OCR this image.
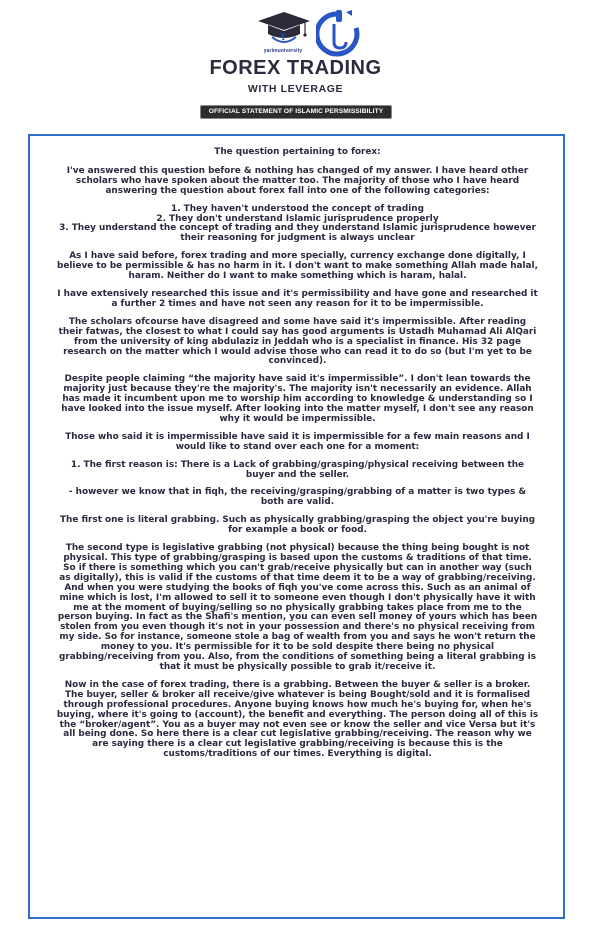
Y
yarimuniversity
FOREX TRADING
WITH LEVERAGE
OFFICIAL STATEMENT OF ISLAMIC PERSMISSIBILITY

The question pertaining to forex:

I've answered this question before & nothing has changed of my answer. I have heard other scholars who have spoken about the matter too. The majority of those who I have heard answering the question about forex fall into one of the following categories:

1. They haven't understood the concept of trading
2. They don't understand Islamic jurisprudence properly
3. They understand the concept of trading and they understand Islamic jurisprudence however their reasoning for judgment is always unclear

As I have said before, forex trading and more specially, currency exchange done digitally, I believe to be permissible & has no harm in it. I don't want to make something Allah made halal, haram. Neither do I want to make something which is haram, halal.

I have extensively researched this issue and it's permissibility and have gone and researched it a further 2 times and have not seen any reason for it to be impermissible.

The scholars ofcourse have disagreed and some have said it's impermissible. After reading their fatwas, the closest to what I could say has good arguments is Ustadh Muhamad Ali AlQari from the university of king abdulaziz in Jeddah who is a specialist in finance. His 32 page research on the matter which I would advise those who can read it to do so (but I'm yet to be convinced).

Despite people claiming “the majority have said it's impermissible”. I don't lean towards the majority just because they're the majority's. The majority isn't necessarily an evidence. Allah has made it incumbent upon me to worship him according to knowledge & understanding so I have looked into the issue myself. After looking into the matter myself, I don't see any reason why it would be impermissible.

Those who said it is impermissible have said it is impermissible for a few main reasons and I would like to stand over each one for a moment:

1. The first reason is: There is a Lack of grabbing/grasping/physical receiving between the buyer and the seller.

- however we know that in fiqh, the receiving/grasping/grabbing of a matter is two types & both are valid.

The first one is literal grabbing. Such as physically grabbing/grasping the object you're buying for example a book or food.

The second type is legislative grabbing (not physical) because the thing being bought is not physical. This type of grabbing/grasping is based upon the customs & traditions of that time. So if there is something which you can't grab/receive physically but can in another way (such as digitally), this is valid if the customs of that time deem it to be a way of grabbing/receiving. And when you were studying the books of fiqh you've come across this. Such as an animal of mine which is lost, I'm allowed to sell it to someone even though I don't physically have it with me at the moment of buying/selling so no physically grabbing takes place from me to the person buying. In fact as the Shafi's mention, you can even sell money of yours which has been stolen from you even though it's not in your possession and there's no physical receiving from my side. So for instance, someone stole a bag of wealth from you and says he won't return the money to you. It's permissible for it to be sold despite there being no physical grabbing/receiving from you. Also, from the conditions of something being a literal grabbing is that it must be physically possible to grab it/receive it.

Now in the case of forex trading, there is a grabbing. Between the buyer & seller is a broker. The buyer, seller & broker all receive/give whatever is being Bought/sold and it is formalised through professional procedures. Anyone buying knows how much he's buying for, when he's buying, where it's going to (account), the benefit and everything. The person doing all of this is the “broker/agent”. You as a buyer may not even see or know the seller and vice Versa but it's all being done. So here there is a clear cut legislative grabbing/receiving. The reason why we are saying there is a clear cut legislative grabbing/receiving is because this is the customs/traditions of our times. Everything is digital.
